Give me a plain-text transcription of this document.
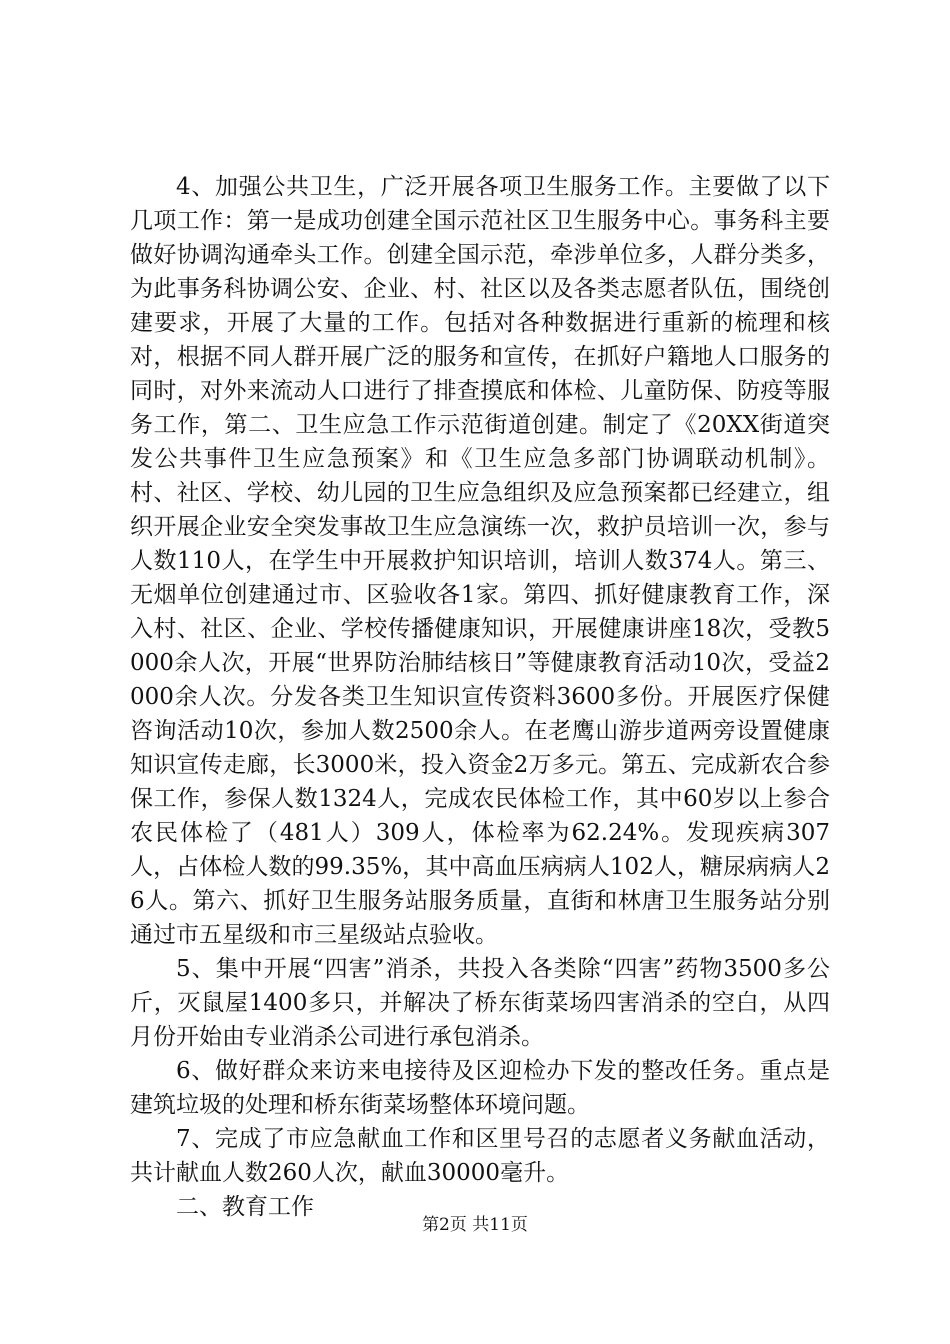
4、加强公共卫生，广泛开展各项卫生服务工作。主要做了以下几项工作：第一是成功创建全国示范社区卫生服务中心。事务科主要做好协调沟通牵头工作。创建全国示范，牵涉单位多，人群分类多，为此事务科协调公安、企业、村、社区以及各类志愿者队伍，围绕创建要求，开展了大量的工作。包括对各种数据进行重新的梳理和核对，根据不同人群开展广泛的服务和宣传，在抓好户籍地人口服务的同时，对外来流动人口进行了排查摸底和体检、儿童防保、防疫等服务工作，第二、卫生应急工作示范街道创建。制定了《20XX街道突发公共事件卫生应急预案》和《卫生应急多部门协调联动机制》。村、社区、学校、幼儿园的卫生应急组织及应急预案都已经建立，组织开展企业安全突发事故卫生应急演练一次，救护员培训一次，参与人数110人，在学生中开展救护知识培训，培训人数374人。第三、无烟单位创建通过市、区验收各1家。第四、抓好健康教育工作，深入村、社区、企业、学校传播健康知识，开展健康讲座18次，受教5000余人次，开展“世界防治肺结核日”等健康教育活动10次，受益2000余人次。分发各类卫生知识宣传资料3600多份。开展医疗保健咨询活动10次，参加人数2500余人。在老鹰山游步道两旁设置健康知识宣传走廊，长3000米，投入资金2万多元。第五、完成新农合参保工作，参保人数1324人，完成农民体检工作，其中60岁以上参合农民体检了（481人）309人，体检率为62.24%。发现疾病307人，占体检人数的99.35%，其中高血压病病人102人，糖尿病病人26人。第六、抓好卫生服务站服务质量，直街和林唐卫生服务站分别通过市五星级和市三星级站点验收。

5、集中开展“四害”消杀，共投入各类除“四害”药物3500多公斤，灭鼠屋1400多只，并解决了桥东街菜场四害消杀的空白，从四月份开始由专业消杀公司进行承包消杀。

6、做好群众来访来电接待及区迎检办下发的整改任务。重点是建筑垃圾的处理和桥东街菜场整体环境问题。

7、完成了市应急献血工作和区里号召的志愿者义务献血活动，共计献血人数260人次，献血30000毫升。

二、教育工作

第2页 共11页
